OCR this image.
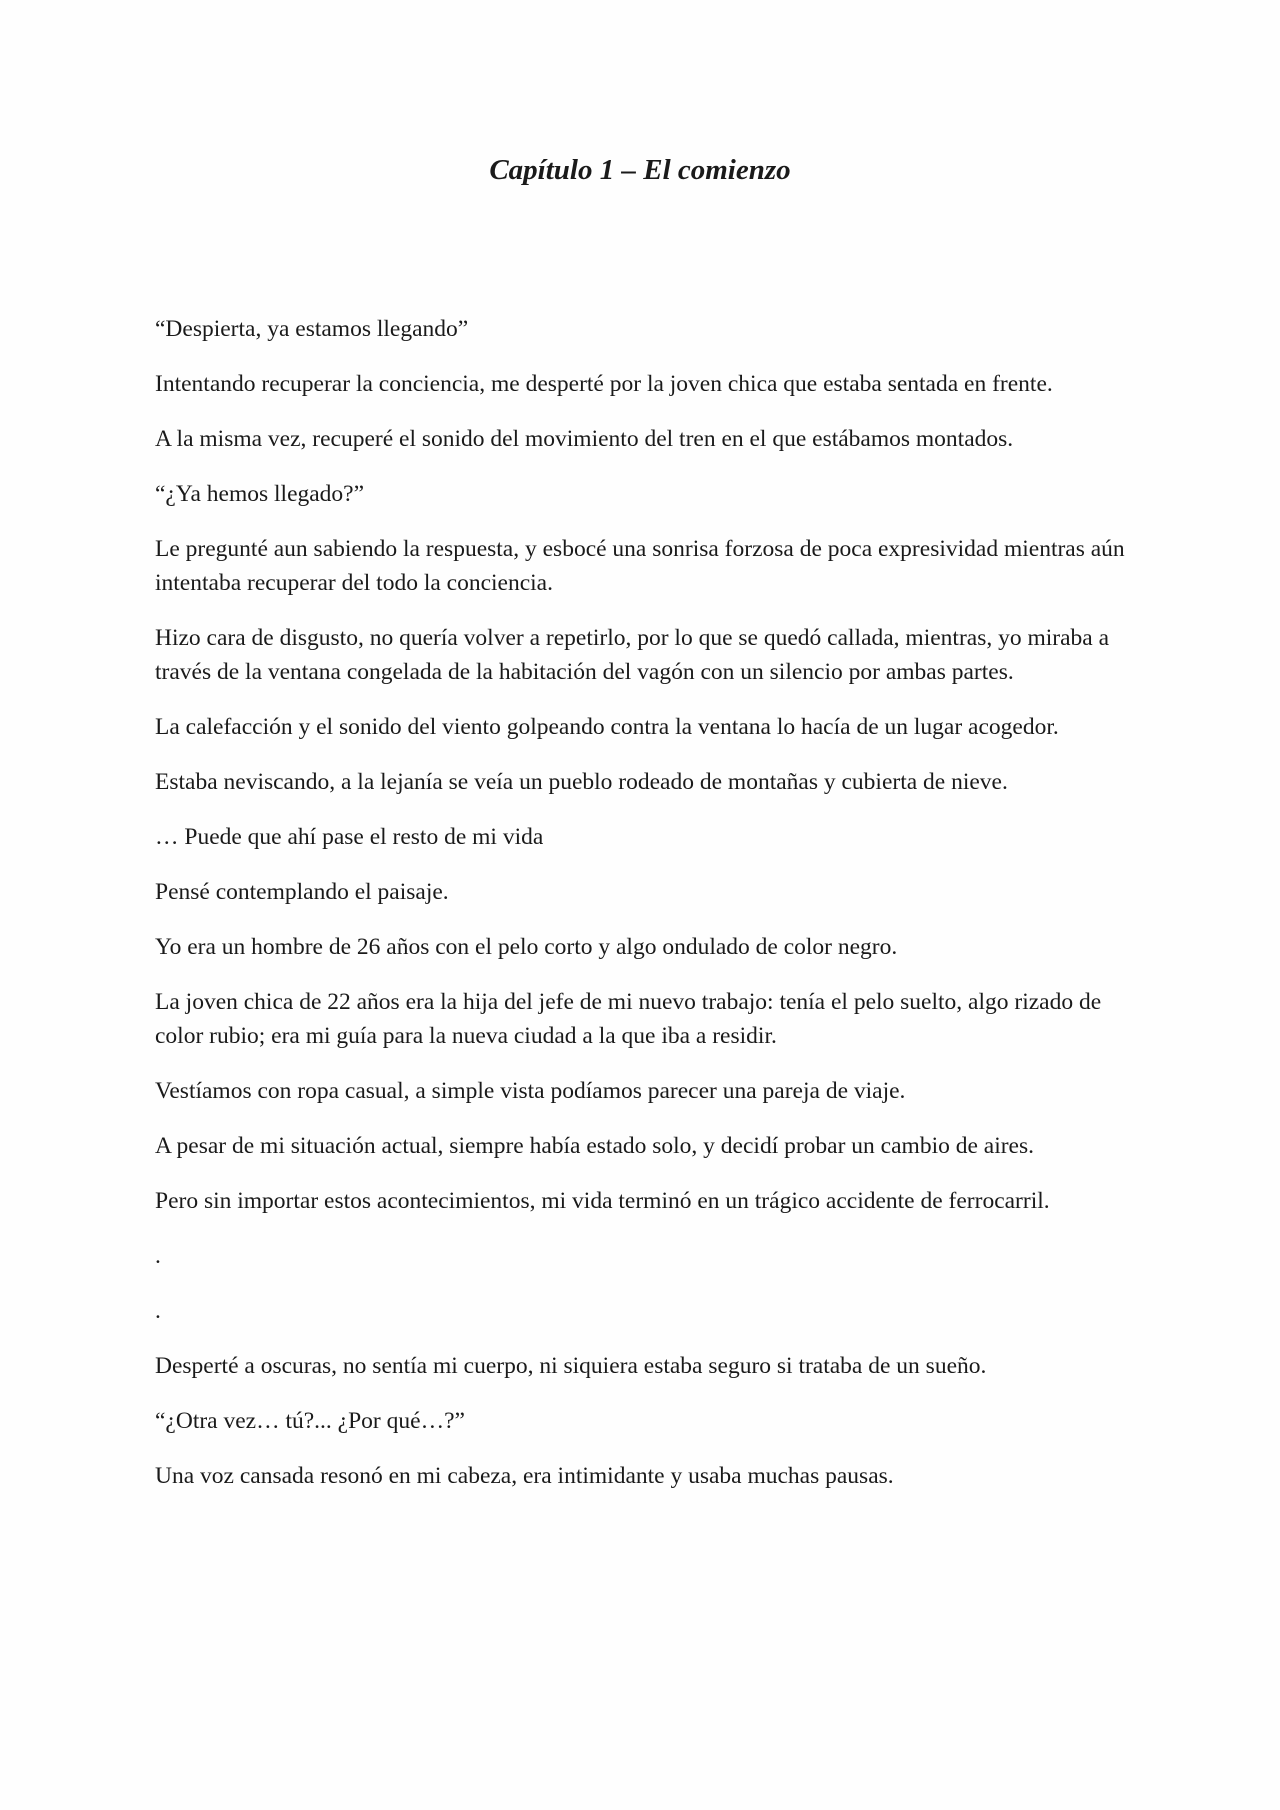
Capítulo 1 – El comienzo

“Despierta, ya estamos llegando”

Intentando recuperar la conciencia, me desperté por la joven chica que estaba sentada en frente.

A la misma vez, recuperé el sonido del movimiento del tren en el que estábamos montados.

“¿Ya hemos llegado?”

Le pregunté aun sabiendo la respuesta, y esbocé una sonrisa forzosa de poca expresividad mientras aún intentaba recuperar del todo la conciencia.

Hizo cara de disgusto, no quería volver a repetirlo, por lo que se quedó callada, mientras, yo miraba a través de la ventana congelada de la habitación del vagón con un silencio por ambas partes.

La calefacción y el sonido del viento golpeando contra la ventana lo hacía de un lugar acogedor.

Estaba neviscando, a la lejanía se veía un pueblo rodeado de montañas y cubierta de nieve.

… Puede que ahí pase el resto de mi vida

Pensé contemplando el paisaje.

Yo era un hombre de 26 años con el pelo corto y algo ondulado de color negro.

La joven chica de 22 años era la hija del jefe de mi nuevo trabajo: tenía el pelo suelto, algo rizado de color rubio; era mi guía para la nueva ciudad a la que iba a residir.

Vestíamos con ropa casual, a simple vista podíamos parecer una pareja de viaje.

A pesar de mi situación actual, siempre había estado solo, y decidí probar un cambio de aires.

Pero sin importar estos acontecimientos, mi vida terminó en un trágico accidente de ferrocarril.

.

.

Desperté a oscuras, no sentía mi cuerpo, ni siquiera estaba seguro si trataba de un sueño.

“¿Otra vez… tú?... ¿Por qué…?”

Una voz cansada resonó en mi cabeza, era intimidante y usaba muchas pausas.
